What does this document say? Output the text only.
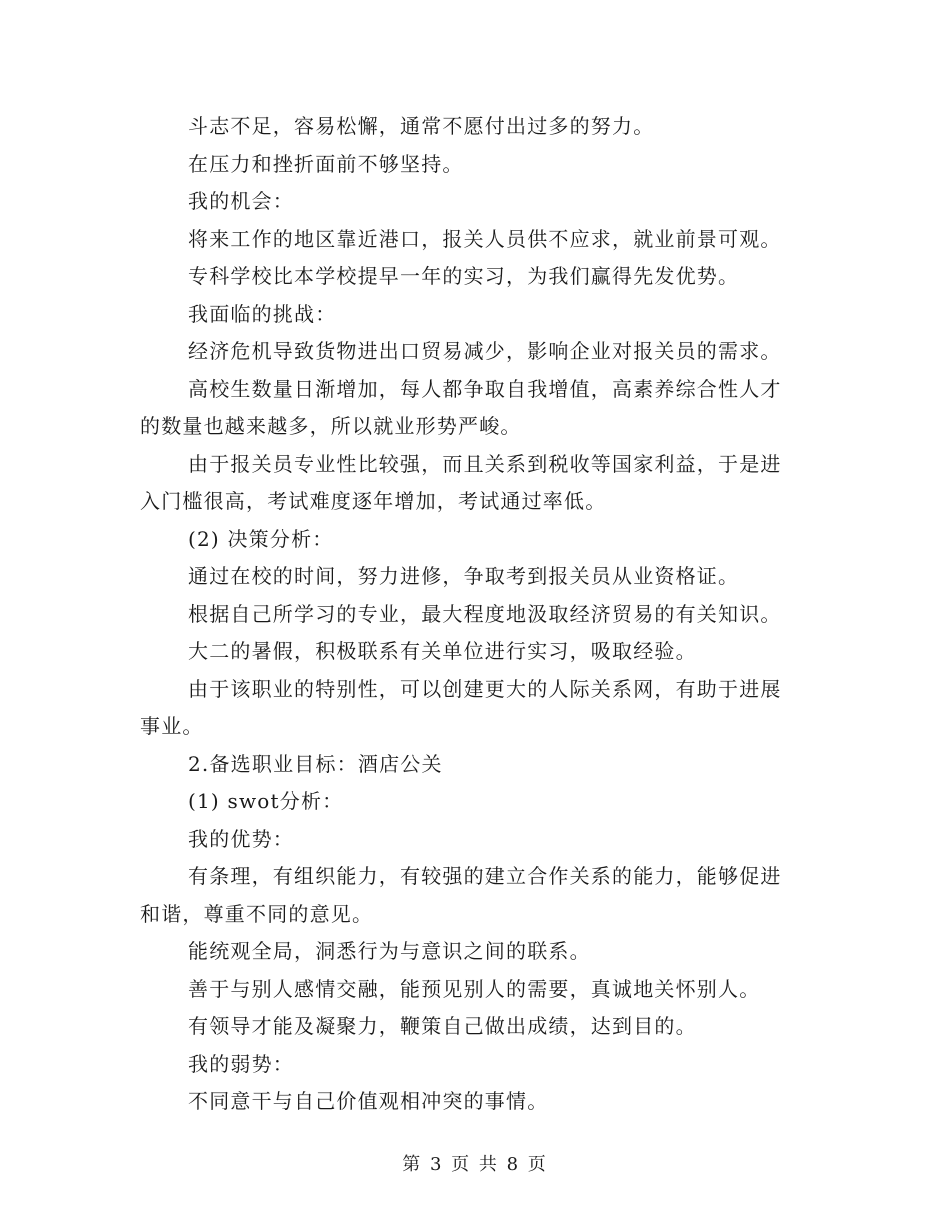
斗志不足，容易松懈，通常不愿付出过多的努力。

在压力和挫折面前不够坚持。

我的机会：

将来工作的地区靠近港口，报关人员供不应求，就业前景可观。

专科学校比本学校提早一年的实习，为我们赢得先发优势。

我面临的挑战：

经济危机导致货物进出口贸易减少，影响企业对报关员的需求。

高校生数量日渐增加，每人都争取自我增值，高素养综合性人才的数量也越来越多，所以就业形势严峻。

由于报关员专业性比较强，而且关系到税收等国家利益，于是进入门槛很高，考试难度逐年增加，考试通过率低。

(2) 决策分析：

通过在校的时间，努力进修，争取考到报关员从业资格证。

根据自己所学习的专业，最大程度地汲取经济贸易的有关知识。

大二的暑假，积极联系有关单位进行实习，吸取经验。

由于该职业的特别性，可以创建更大的人际关系网，有助于进展事业。

2.备选职业目标：酒店公关

(1) swot分析：

我的优势：

有条理，有组织能力，有较强的建立合作关系的能力，能够促进和谐，尊重不同的意见。

能统观全局，洞悉行为与意识之间的联系。

善于与别人感情交融，能预见别人的需要，真诚地关怀别人。

有领导才能及凝聚力，鞭策自己做出成绩，达到目的。

我的弱势：

不同意干与自己价值观相冲突的事情。

第 3 页 共 8 页
